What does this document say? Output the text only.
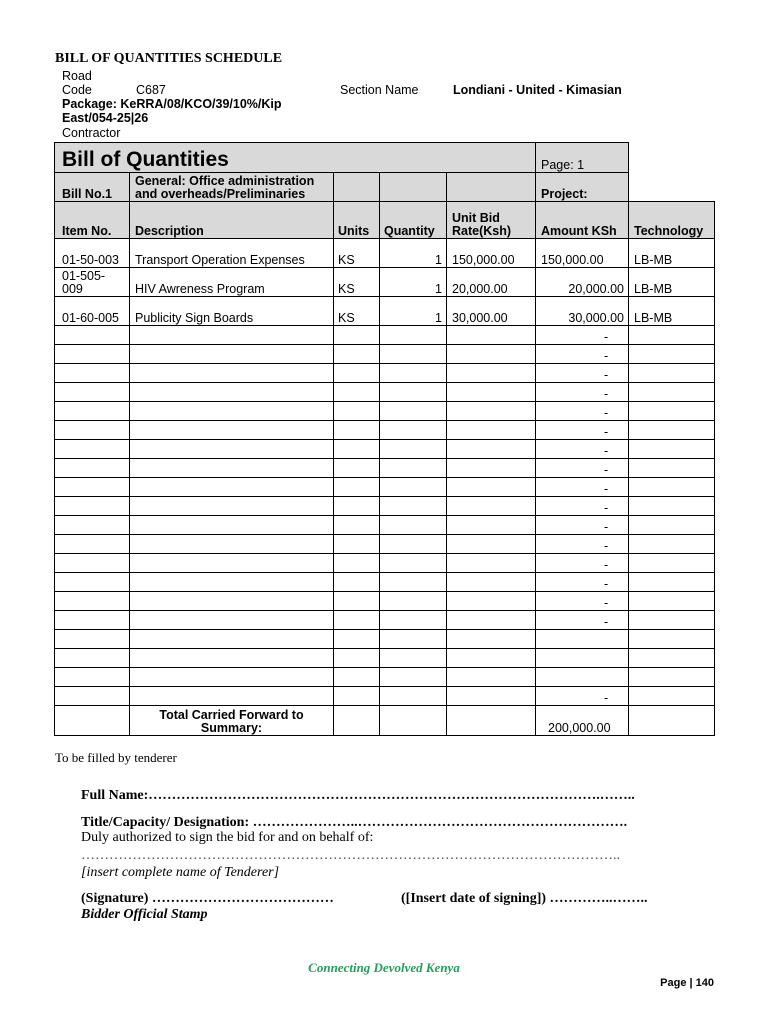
BILL OF QUANTITIES SCHEDULE
Road
Code	C687	Section Name	Londiani - United - Kimasian
Package: KeRRA/08/KCO/39/10%/Kip
East/054-25|26
Contractor
Bill of Quantities					Page: 1	
Bill No.1	General: Office administration and overheads/Preliminaries				Project:	
Item No.	Description	Units	Quantity	Unit Bid Rate(Ksh)	Amount KSh	Technology
01-50-003	Transport Operation Expenses	KS	1	150,000.00	150,000.00	LB-MB
01-505-009	HIV Awreness Program	KS	1	20,000.00	20,000.00	LB-MB
01-60-005	Publicity Sign Boards	KS	1	30,000.00	30,000.00	LB-MB
					-	
					-	
					-	
					-	
					-	
					-	
					-	
					-	
					-	
					-	
					-	
					-	
					-	
					-	
					-	
					-	

					-	
	Total Carried Forward to Summary:				200,000.00	
To be filled by tenderer
Full Name:…………………………………………………………………………………….……..
Title/Capacity/ Designation: …………………..………………………………………………….
Duly authorized to sign the bid for and on behalf of:
……………………………………………………………………………………………………..
[insert complete name of Tenderer]
(Signature) …………………………………	([Insert date of signing]) …………..……..
Bidder Official Stamp
Connecting Devolved Kenya
Page | 140
